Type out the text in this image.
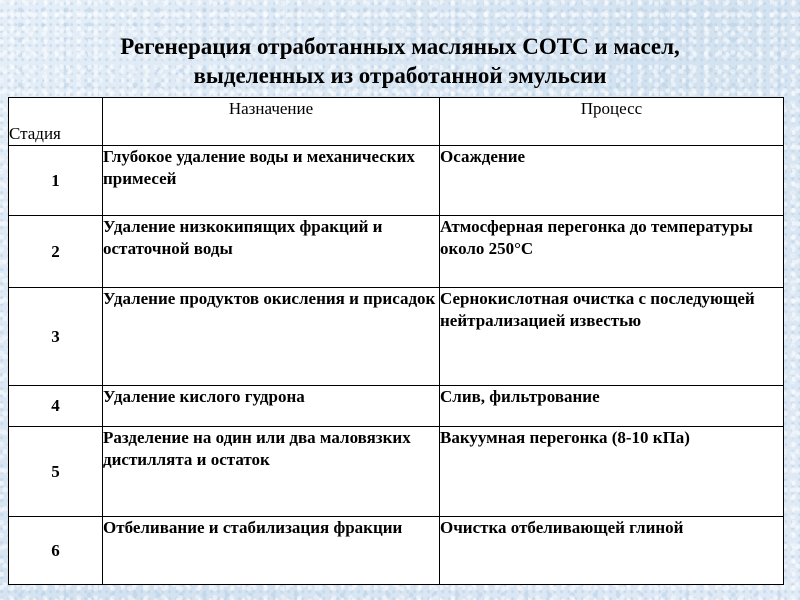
Регенерация отработанных масляных СОТС и масел,
выделенных из отработанной эмульсии
Стадия	Назначение	Процесс
1	Глубокое удаление воды и механических примесей	Осаждение
2	Удаление низкокипящих фракций и остаточной воды	Атмосферная перегонка до температуры около 250°С
3	Удаление продуктов окисления и присадок	Сернокислотная очистка с последующей нейтрализацией известью
4	Удаление кислого гудрона	Слив, фильтрование
5	Разделение на один или два маловязких дистиллята и остаток	Вакуумная перегонка (8-10 кПа)
6	Отбеливание и стабилизация фракции	Очистка отбеливающей глиной
